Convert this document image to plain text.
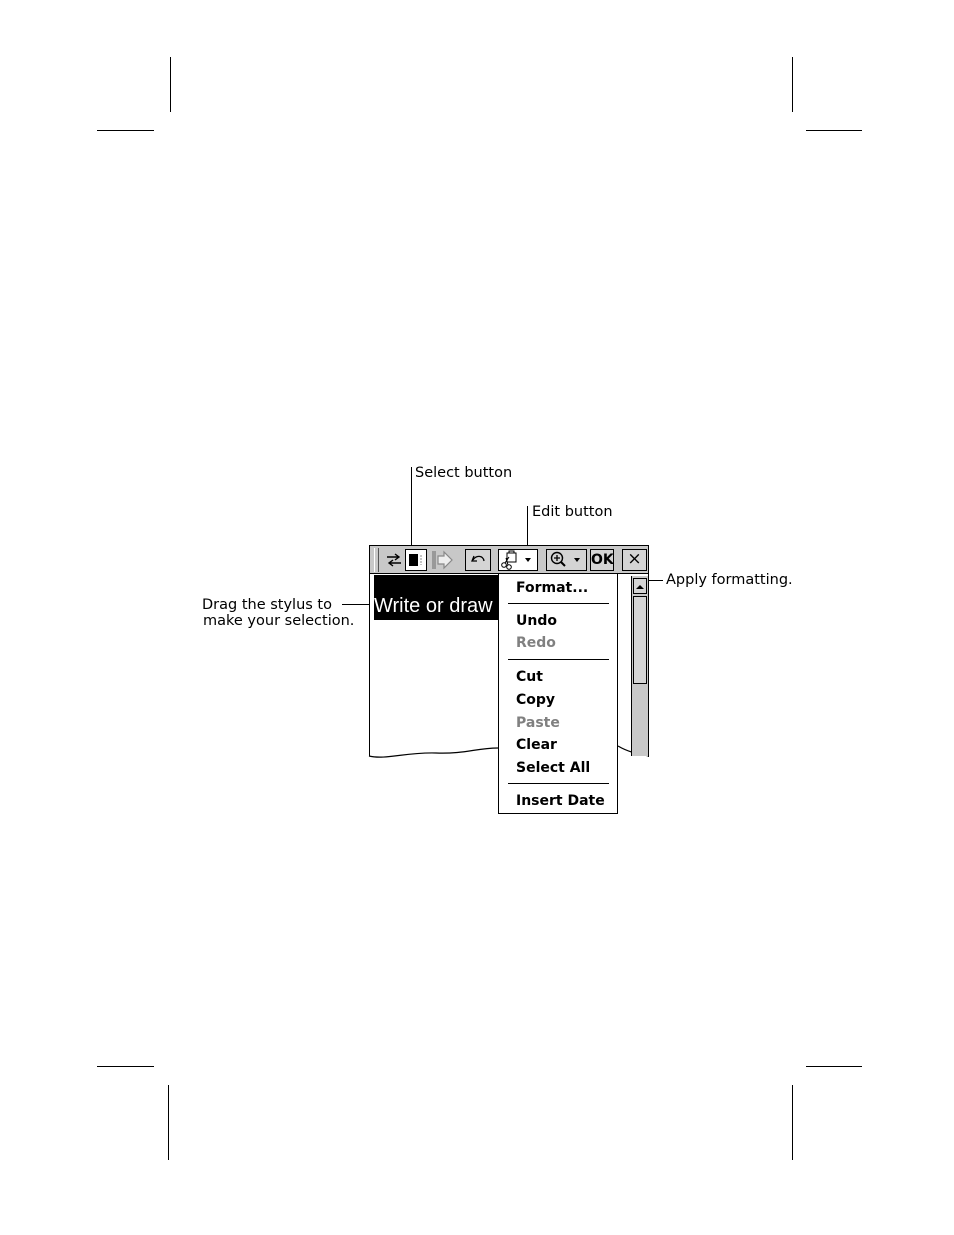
Select button
Edit button
Apply formatting.
Drag the stylus to
make your selection.
Write or draw
OK ×
Format...
Undo
Redo
Cut
Copy
Paste
Clear
Select All
Insert Date
